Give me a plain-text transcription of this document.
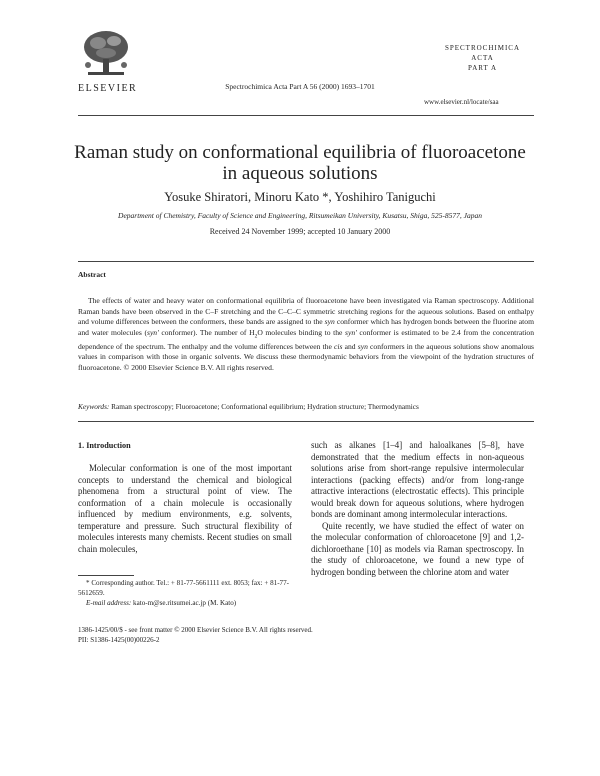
ELSEVIER	Spectrochimica Acta Part A 56 (2000) 1693–1701
SPECTROCHIMICA
ACTA
PART A
www.elsevier.nl/locate/saa
Raman study on conformational equilibria of fluoroacetone
in aqueous solutions
Yosuke Shiratori, Minoru Kato *, Yoshihiro Taniguchi
Department of Chemistry, Faculty of Science and Engineering, Ritsumeikan University, Kusatsu, Shiga, 525-8577, Japan
Received 24 November 1999; accepted 10 January 2000
Abstract
The effects of water and heavy water on conformational equilibria of fluoroacetone have been investigated via Raman spectroscopy. Additional Raman bands have been observed in the C–F stretching and the C–C–C symmetric stretching regions for the aqueous solutions. Based on enthalpy and volume differences between the conformers, these bands are assigned to the syn conformer which has hydrogen bonds between the fluorine atom and water molecules (syn′ conformer). The number of $H_2O$ molecules binding to the syn′ conformer is estimated to be 2.4 from the concentration dependence of the spectrum. The enthalpy and the volume differences between the cis and syn conformers in the aqueous solutions show anomalous values in comparison with those in organic solvents. We discuss these thermodynamic behaviors from the viewpoint of the hydration structures of fluoroacetone. © 2000 Elsevier Science B.V. All rights reserved.
Keywords: Raman spectroscopy; Fluoroacetone; Conformational equilibrium; Hydration structure; Thermodynamics
1. Introduction
Molecular conformation is one of the most important concepts to understand the chemical and biological phenomena from a structural point of view. The conformation of a chain molecule is occasionally influenced by medium environments, e.g. solvents, temperature and pressure. Such structural flexibility of molecules interests many chemists. Recent studies on small chain molecules,

such as alkanes [1–4] and haloalkanes [5–8], have demonstrated that the medium effects in non-aqueous solutions arise from short-range repulsive intermolecular interactions (packing effects) and/or from long-range attractive interactions (electrostatic effects). This principle would break down for aqueous solutions, where hydrogen bonds are dominant among intermolecular interactions.

Quite recently, we have studied the effect of water on the molecular conformation of chloroacetone [9] and 1,2-dichloroethane [10] as models via Raman spectroscopy. In the study of chloroacetone, we found a new type of hydrogen bonding between the chlorine atom and water

* Corresponding author. Tel.: + 81-77-5661111 ext. 8053; fax: + 81-77-5612659.
E-mail address: kato-m@se.ritsumei.ac.jp (M. Kato)
1386-1425/00/$ - see front matter © 2000 Elsevier Science B.V. All rights reserved.
PII: S1386-1425(00)00226-2
